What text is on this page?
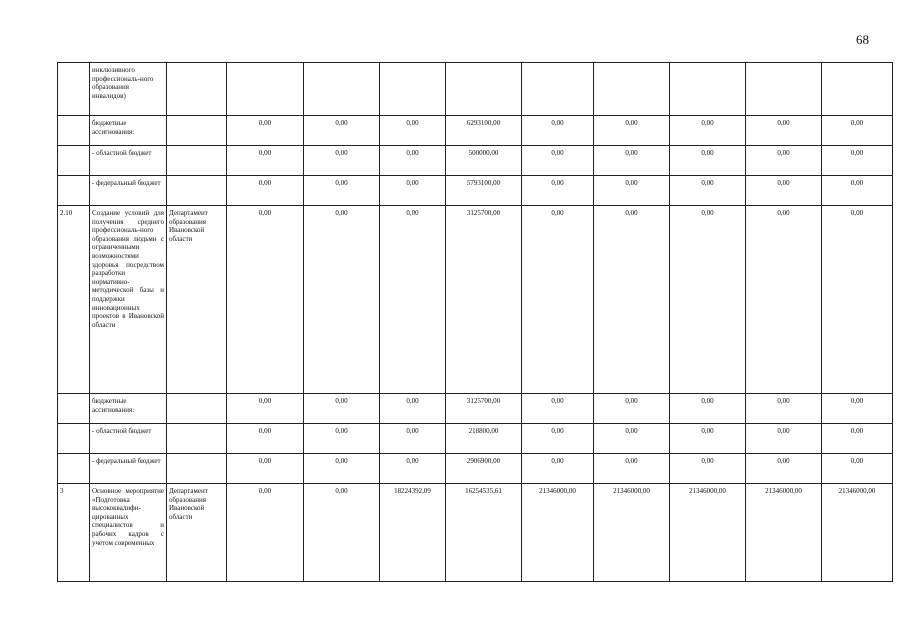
68
	инклюзивного профессиональ-ного образования инвалидов)										
	бюджетные ассигнования:		0,00	0,00	0,00	6293100,00	0,00	0,00	0,00	0,00	0,00
	- областной бюджет		0,00	0,00	0,00	500000,00	0,00	0,00	0,00	0,00	0,00
	- федеральный бюджет		0,00	0,00	0,00	5793100,00	0,00	0,00	0,00	0,00	0,00
2.10	Создание условий для получения среднего профессиональ-ного образования людьми с ограниченными возможностями здоровья посредством разработки нормативно-методической базы и поддержки инновационных проектов в Ивановской области	Департамент образования Ивановской области	0,00	0,00	0,00	3125700,00	0,00	0,00	0,00	0,00	0,00
	бюджетные ассигнования:		0,00	0,00	0,00	3125700,00	0,00	0,00	0,00	0,00	0,00
	- областной бюджет		0,00	0,00	0,00	218800,00	0,00	0,00	0,00	0,00	0,00
	- федеральный бюджет		0,00	0,00	0,00	2906900,00	0,00	0,00	0,00	0,00	0,00
3	Основное мероприятие «Подготовка высококвалифи-цированных специалистов и рабочих кадров с учетом современных	Департамент образования Ивановской области	0,00	0,00	18224392,09	16254535,61	21346000,00	21346000,00	21346000,00	21346000,00	21346000,00
